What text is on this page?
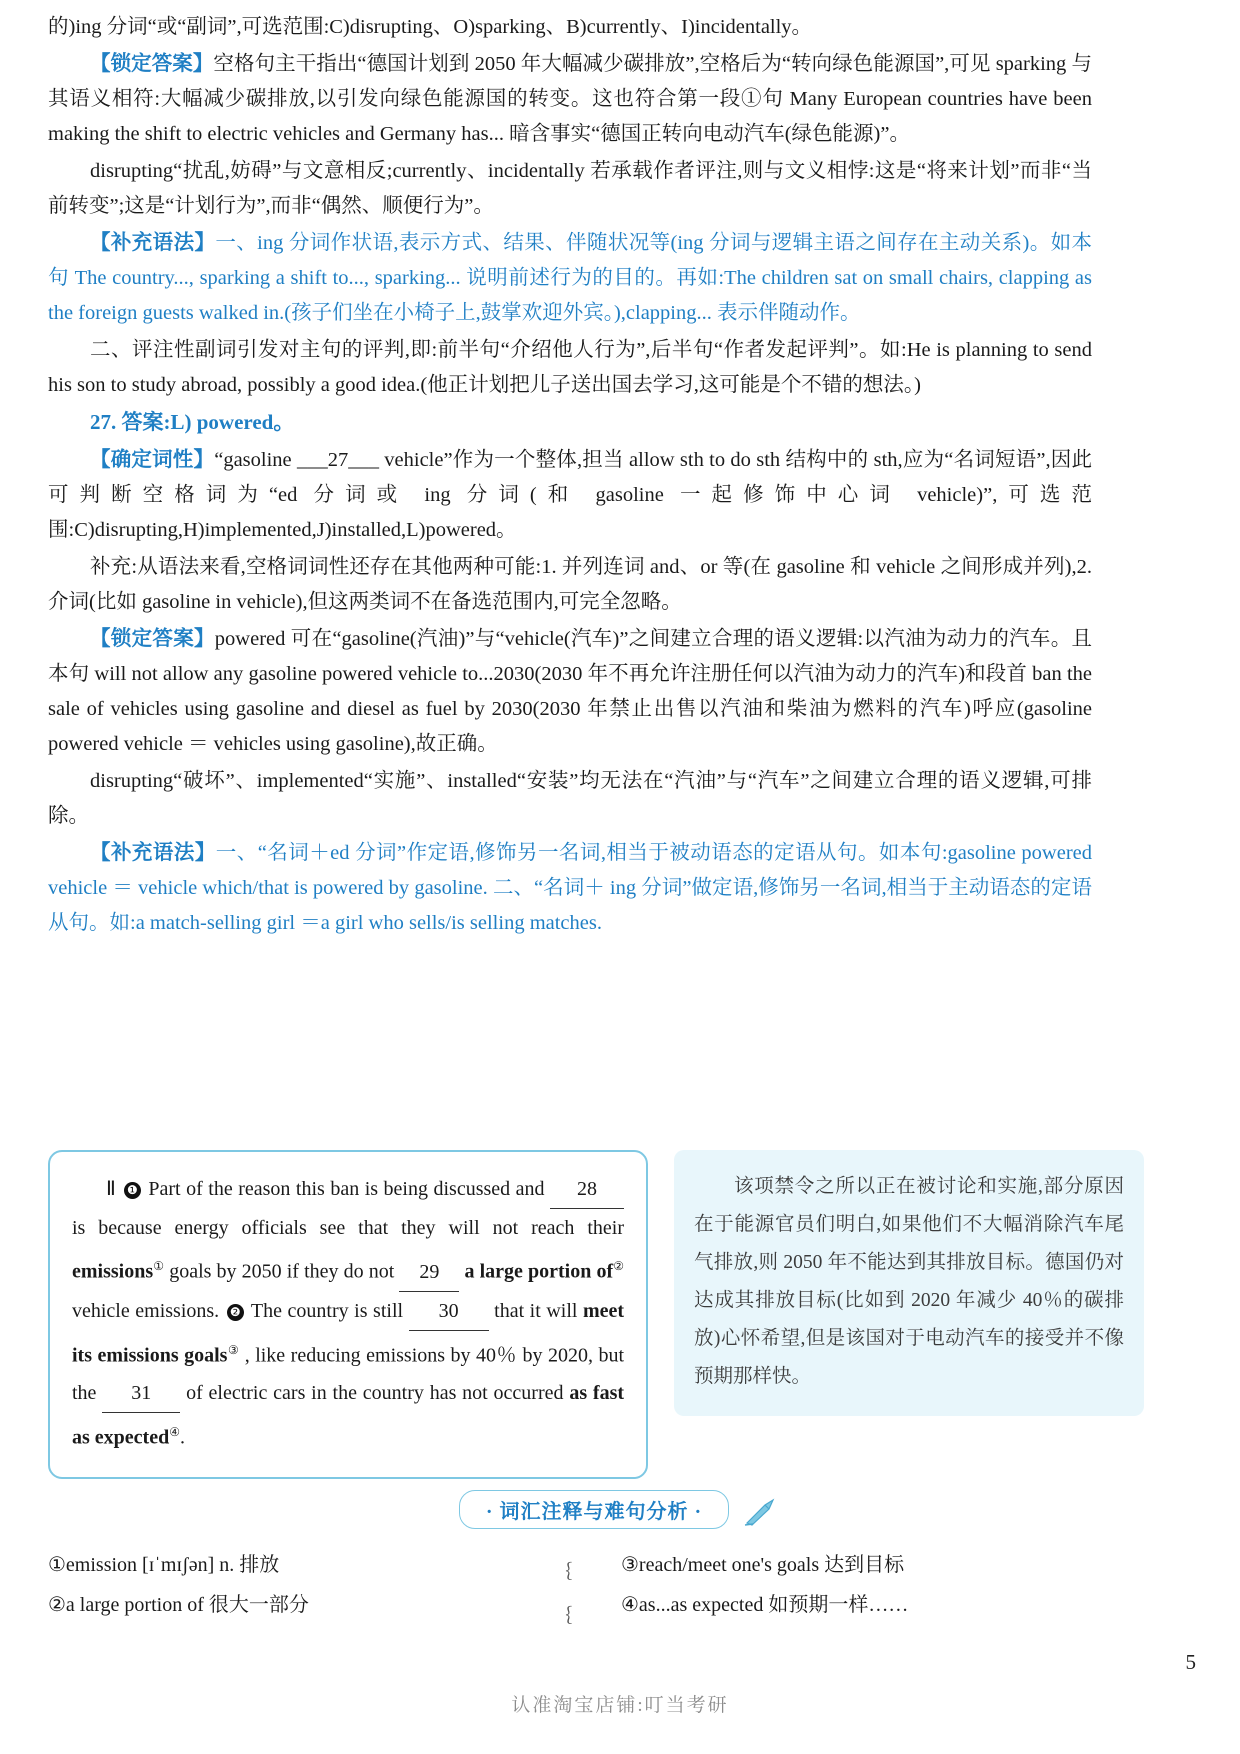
的)ing 分词“或“副词”,可选范围:C)disrupting、O)sparking、B)currently、I)incidentally。

【锁定答案】空格句主干指出“德国计划到 2050 年大幅减少碳排放”,空格后为“转向绿色能源国”,可见 sparking 与其语义相符:大幅减少碳排放,以引发向绿色能源国的转变。这也符合第一段①句 Many European countries have been making the shift to electric vehicles and Germany has... 暗含事实“德国正转向电动汽车(绿色能源)”。

disrupting“扰乱,妨碍”与文意相反;currently、incidentally 若承载作者评注,则与文义相悖:这是“将来计划”而非“当前转变”;这是“计划行为”,而非“偶然、顺便行为”。

【补充语法】一、ing 分词作状语,表示方式、结果、伴随状况等(ing 分词与逻辑主语之间存在主动关系)。如本句 The country..., sparking a shift to..., sparking... 说明前述行为的目的。再如:The children sat on small chairs, clapping as the foreign guests walked in.(孩子们坐在小椅子上,鼓掌欢迎外宾。),clapping... 表示伴随动作。

二、评注性副词引发对主句的评判,即:前半句“介绍他人行为”,后半句“作者发起评判”。如:He is planning to send his son to study abroad, possibly a good idea.(他正计划把儿子送出国去学习,这可能是个不错的想法。)

27. 答案:L) powered。

【确定词性】“gasoline ___27___ vehicle”作为一个整体,担当 allow sth to do sth 结构中的 sth,应为“名词短语”,因此可判断空格词为“ed 分词或 ing 分词(和 gasoline 一起修饰中心词 vehicle)”,可选范围:C)disrupting,H)implemented,J)installed,L)powered。

补充:从语法来看,空格词词性还存在其他两种可能:1. 并列连词 and、or 等(在 gasoline 和 vehicle 之间形成并列),2. 介词(比如 gasoline in vehicle),但这两类词不在备选范围内,可完全忽略。

【锁定答案】powered 可在“gasoline(汽油)”与“vehicle(汽车)”之间建立合理的语义逻辑:以汽油为动力的汽车。且本句 will not allow any gasoline powered vehicle to...2030(2030 年不再允许注册任何以汽油为动力的汽车)和段首 ban the sale of vehicles using gasoline and diesel as fuel by 2030(2030 年禁止出售以汽油和柴油为燃料的汽车)呼应(gasoline powered vehicle ＝ vehicles using gasoline),故正确。

disrupting“破坏”、implemented“实施”、installed“安装”均无法在“汽油”与“汽车”之间建立合理的语义逻辑,可排除。

【补充语法】一、“名词＋ed 分词”作定语,修饰另一名词,相当于被动语态的定语从句。如本句:gasoline powered vehicle ＝ vehicle which/that is powered by gasoline. 二、“名词＋ ing 分词”做定语,修饰另一名词,相当于主动语态的定语从句。如:a match-selling girl ＝a girl who sells/is selling matches.

Ⅱ ❶ Part of the reason this ban is being discussed and 28 is because energy officials see that they will not reach their emissions① goals by 2050 if they do not 29 a large portion of② vehicle emissions. ❷ The country is still 30 that it will meet its emissions goals③ , like reducing emissions by 40％ by 2020, but the 31 of electric cars in the country has not occurred as fast as expected④.

该项禁令之所以正在被讨论和实施,部分原因在于能源官员们明白,如果他们不大幅消除汽车尾气排放,则 2050 年不能达到其排放目标。德国仍对达成其排放目标(比如到 2020 年减少 40％的碳排放)心怀希望,但是该国对于电动汽车的接受并不像预期那样快。

· 词汇注释与难句分析 ·
①emission [ɪˈmɪʃən] n. 排放
②a large portion of 很大一部分
③reach/meet one's goals 达到目标
④as...as expected 如预期一样……
﹛
﹛
认准淘宝店铺:叮当考研
5
